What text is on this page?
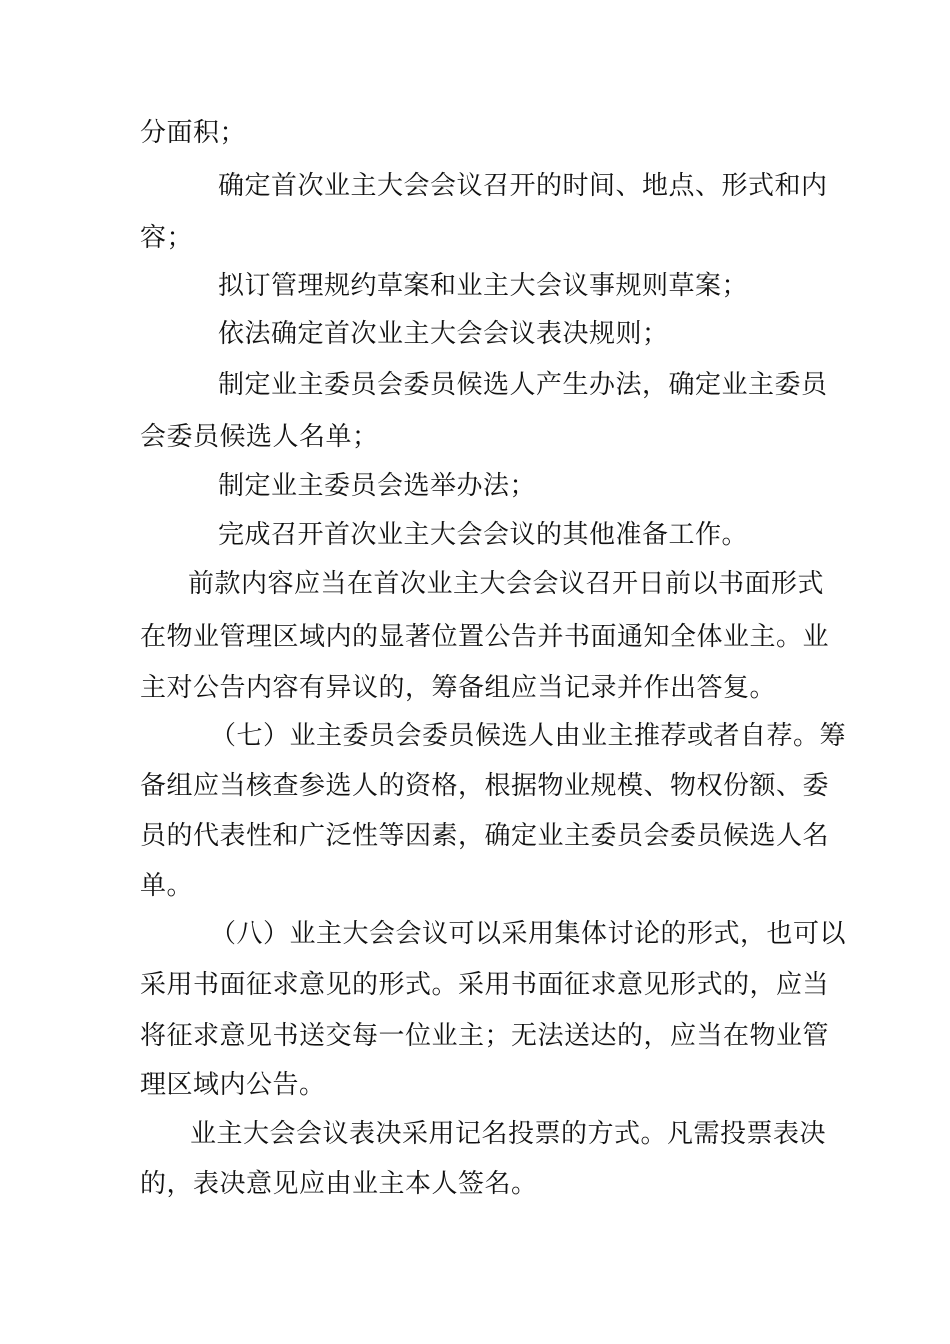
分面积；
确定首次业主大会会议召开的时间、地点、形式和内
容；
拟订管理规约草案和业主大会议事规则草案；
依法确定首次业主大会会议表决规则；
制定业主委员会委员候选人产生办法，确定业主委员
会委员候选人名单；
制定业主委员会选举办法；
完成召开首次业主大会会议的其他准备工作。
前款内容应当在首次业主大会会议召开日前以书面形式
在物业管理区域内的显著位置公告并书面通知全体业主。业
主对公告内容有异议的，筹备组应当记录并作出答复。
（七）业主委员会委员候选人由业主推荐或者自荐。筹
备组应当核查参选人的资格，根据物业规模、物权份额、委
员的代表性和广泛性等因素，确定业主委员会委员候选人名
单。
（八）业主大会会议可以采用集体讨论的形式，也可以
采用书面征求意见的形式。采用书面征求意见形式的，应当
将征求意见书送交每一位业主；无法送达的，应当在物业管
理区域内公告。
业主大会会议表决采用记名投票的方式。凡需投票表决
的，表决意见应由业主本人签名。
